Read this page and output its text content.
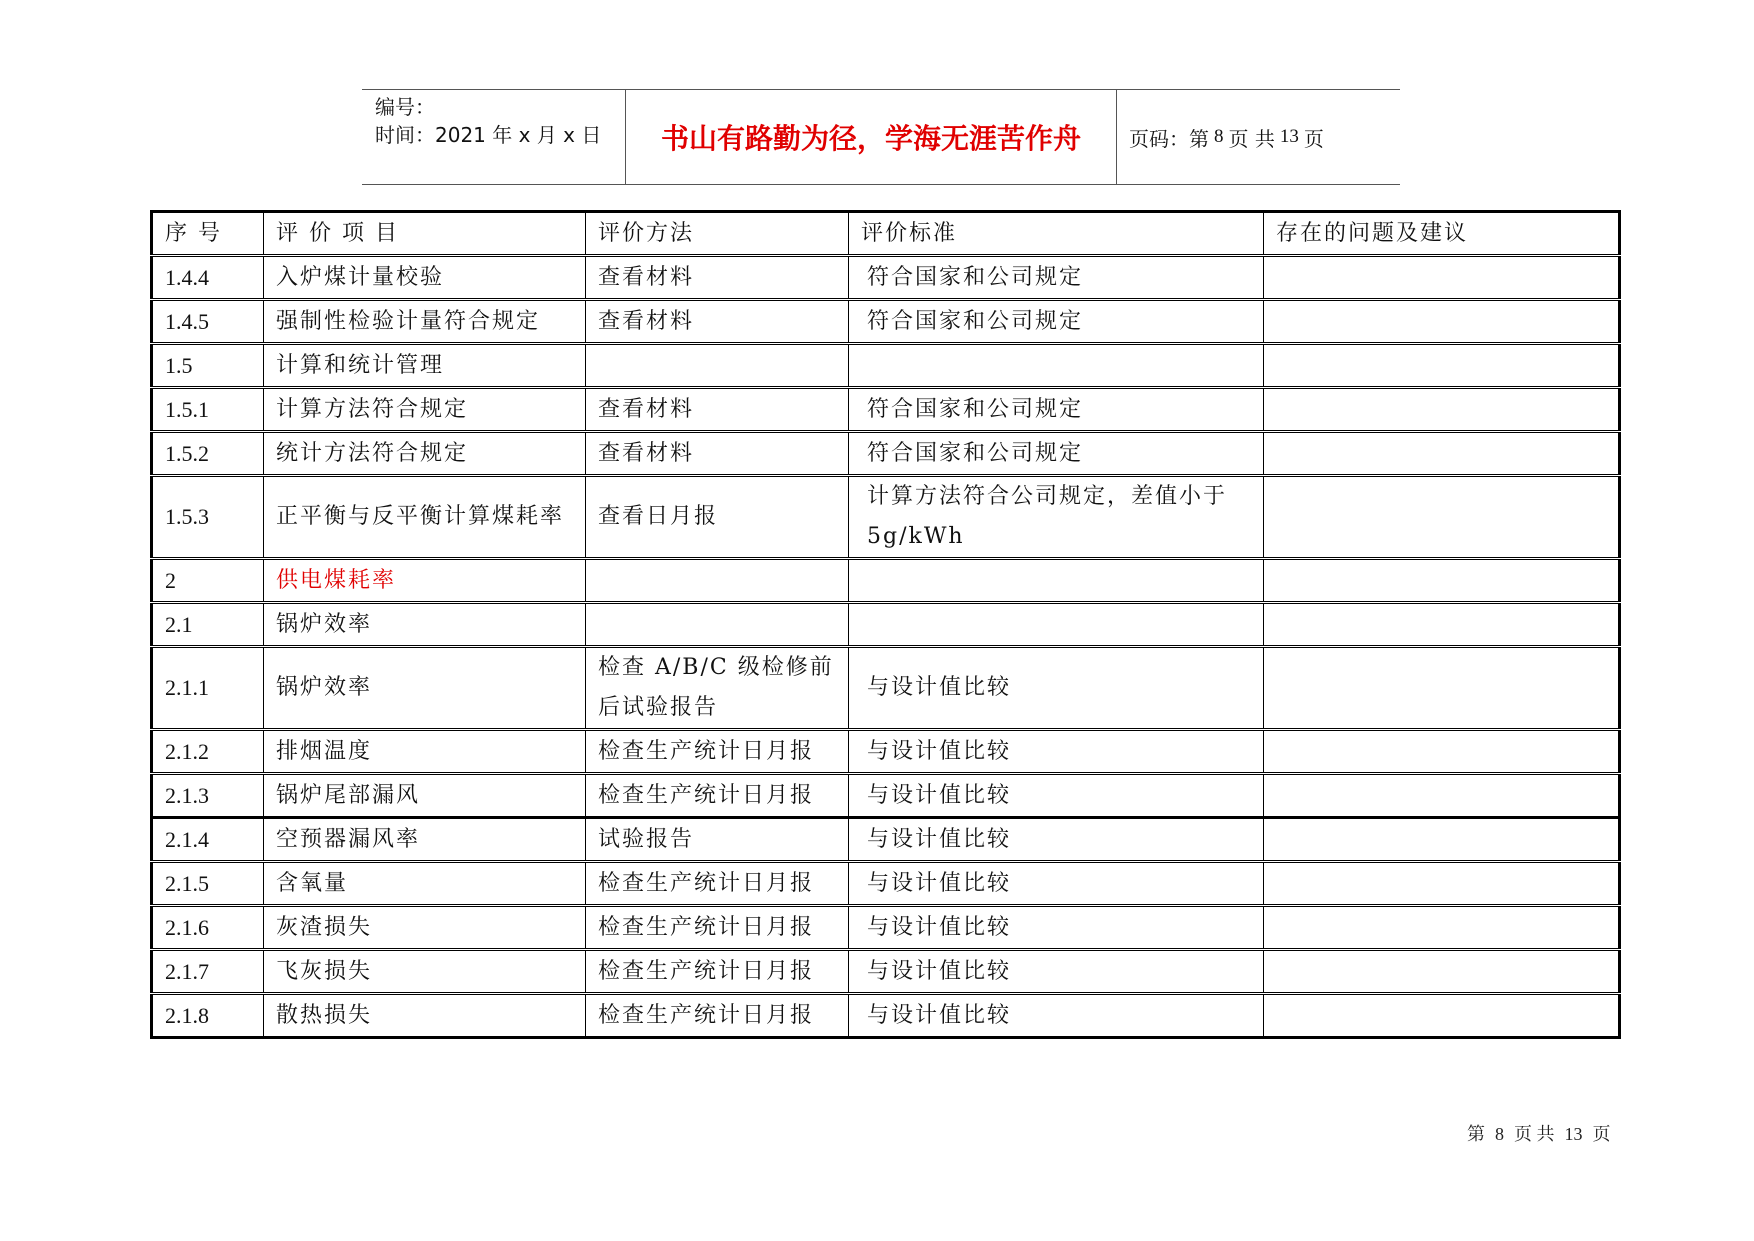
编号：
时间：2021 年 x 月 x 日	书山有路勤为径，学海无涯苦作舟	页码：第 8 页 共 13 页
序 号	评 价 项 目	评价方法	评价标准	存在的问题及建议
1.4.4	入炉煤计量校验	查看材料	符合国家和公司规定	
1.4.5	强制性检验计量符合规定	查看材料	符合国家和公司规定	
1.5	计算和统计管理			
1.5.1	计算方法符合规定	查看材料	符合国家和公司规定	
1.5.2	统计方法符合规定	查看材料	符合国家和公司规定	
1.5.3	正平衡与反平衡计算煤耗率	查看日月报	计算方法符合公司规定，差值小于 5g/kWh	
2	供电煤耗率			
2.1	锅炉效率			
2.1.1	锅炉效率	检查 A/B/C 级检修前后试验报告	与设计值比较	
2.1.2	排烟温度	检查生产统计日月报	与设计值比较	
2.1.3	锅炉尾部漏风	检查生产统计日月报	与设计值比较	
2.1.4	空预器漏风率	试验报告	与设计值比较	
2.1.5	含氧量	检查生产统计日月报	与设计值比较	
2.1.6	灰渣损失	检查生产统计日月报	与设计值比较	
2.1.7	飞灰损失	检查生产统计日月报	与设计值比较	
2.1.8	散热损失	检查生产统计日月报	与设计值比较	
第 8 页 共 13 页
